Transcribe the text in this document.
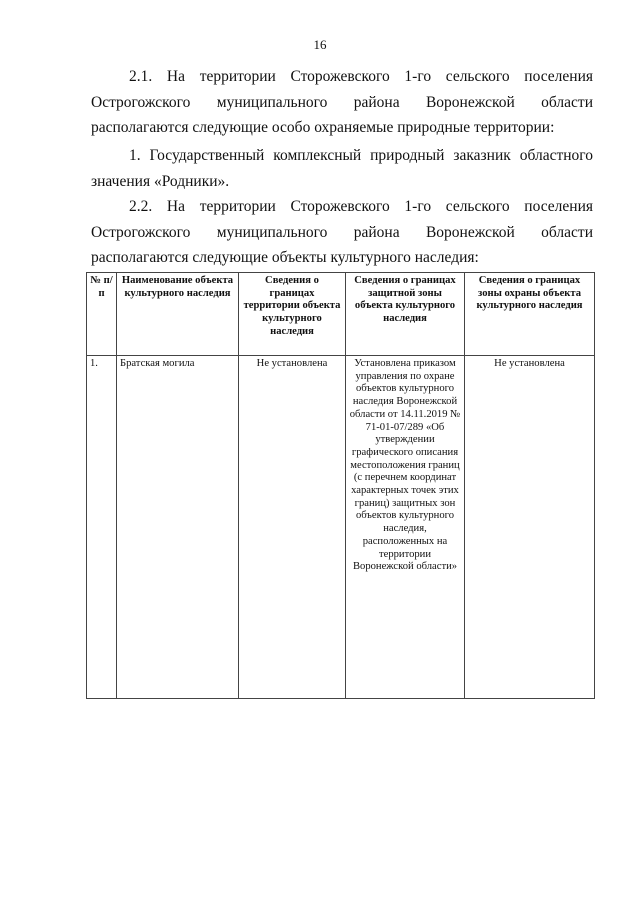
16

2.1. На территории Сторожевского 1-го сельского поселения Острогожского муниципального района Воронежской области располагаются следующие особо охраняемые природные территории:

1. Государственный комплексный природный заказник областного значения «Родники».

2.2. На территории Сторожевского 1-го сельского поселения Острогожского муниципального района Воронежской области располагаются следующие объекты культурного наследия:

№ п/п	Наименование объекта культурного наследия	Сведения о границах территории объекта культурного наследия	Сведения о границах защитной зоны объекта культурного наследия	Сведения о границах зоны охраны объекта культурного наследия
1.	Братская могила	Не установлена	Установлена приказом управления по охране объектов культурного наследия Воронежской области от 14.11.2019 № 71-01-07/289 «Об утверждении графического описания местоположения границ (с перечнем координат характерных точек этих границ) защитных зон объектов культурного наследия, расположенных на территории Воронежской области»	Не установлена
